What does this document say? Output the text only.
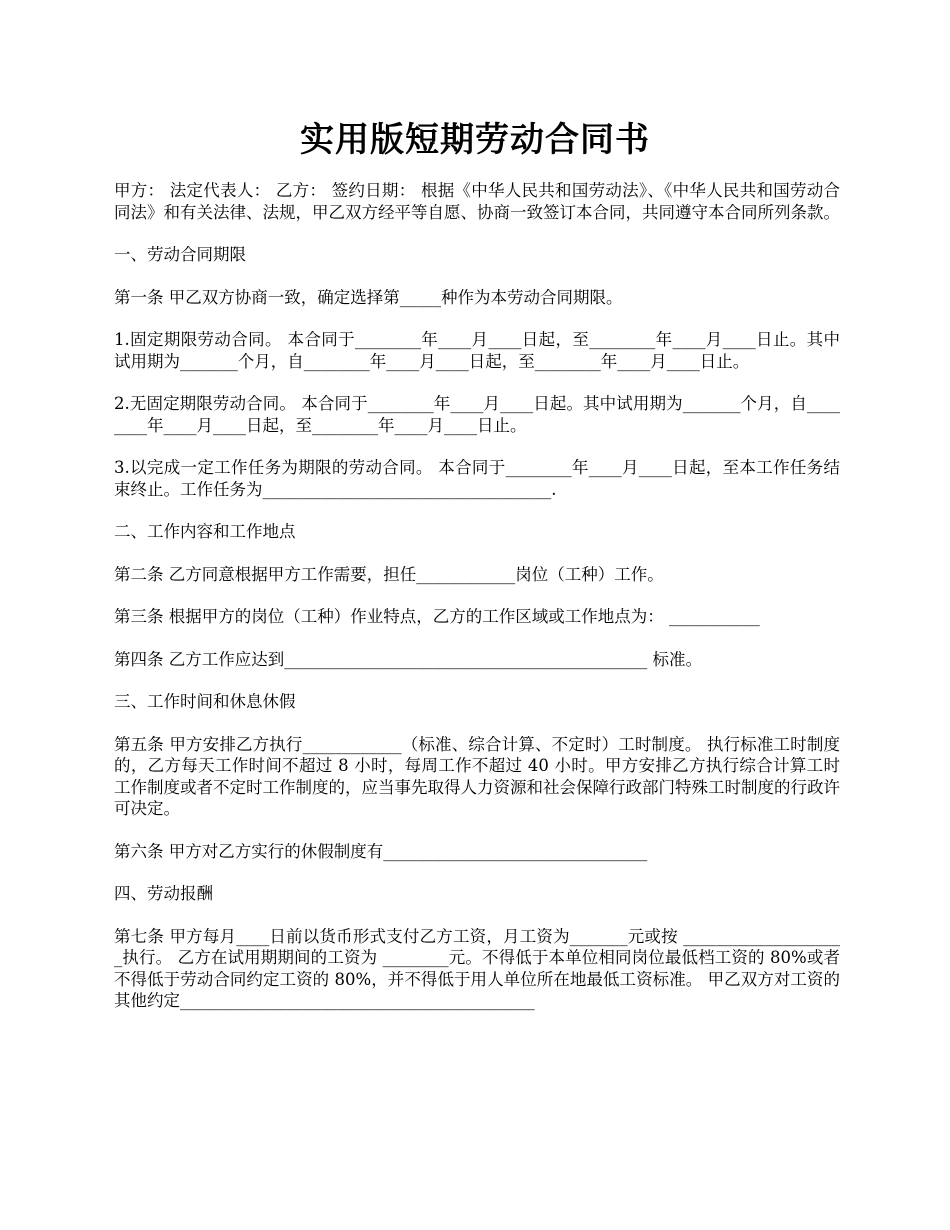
实用版短期劳动合同书

甲方： 法定代表人： 乙方： 签约日期： 根据《中华人民共和国劳动法》、《中华人民共和国劳动合同法》和有关法律、法规，甲乙双方经平等自愿、协商一致签订本合同，共同遵守本合同所列条款。

一、劳动合同期限

第一条 甲乙双方协商一致，确定选择第_____种作为本劳动合同期限。

1.固定期限劳动合同。 本合同于________年____月____日起，至________年____月____日止。其中试用期为_______个月，自________年____月____日起，至________年____月____日止。

2.无固定期限劳动合同。 本合同于________年____月____日起。其中试用期为_______个月，自________年____月____日起，至________年____月____日止。

3.以完成一定工作任务为期限的劳动合同。 本合同于________年____月____日起，至本工作任务结束终止。工作任务为___________________________________.

二、工作内容和工作地点

第二条 乙方同意根据甲方工作需要，担任____________岗位（工种）工作。

第三条 根据甲方的岗位（工种）作业特点，乙方的工作区域或工作地点为： ___________

第四条 乙方工作应达到____________________________________________ 标准。

三、工作时间和休息休假

第五条 甲方安排乙方执行____________（标准、综合计算、不定时）工时制度。 执行标准工时制度的，乙方每天工作时间不超过 8 小时，每周工作不超过 40 小时。甲方安排乙方执行综合计算工时工作制度或者不定时工作制度的，应当事先取得人力资源和社会保障行政部门特殊工时制度的行政许可决定。

第六条 甲方对乙方实行的休假制度有________________________________

四、劳动报酬

第七条 甲方每月____日前以货币形式支付乙方工资，月工资为_______元或按 ____________________执行。 乙方在试用期期间的工资为 ________元。不得低于本单位相同岗位最低档工资的 80%或者不得低于劳动合同约定工资的 80%，并不得低于用人单位所在地最低工资标准。 甲乙双方对工资的其他约定___________________________________________
